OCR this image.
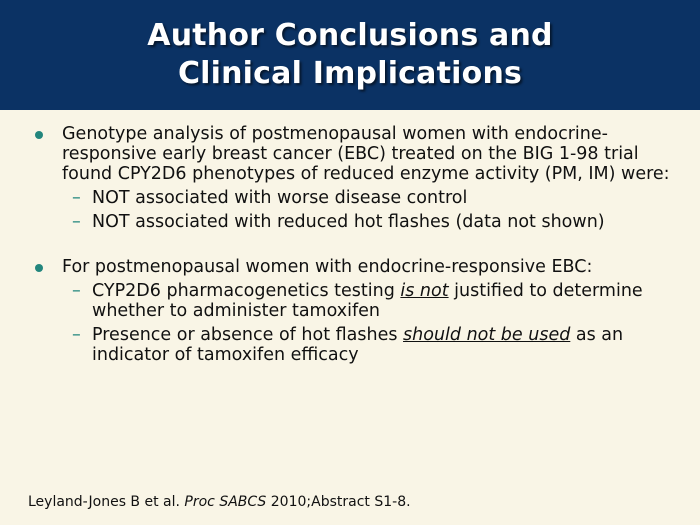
Author Conclusions and
Clinical Implications
Genotype analysis of postmenopausal women with endocrine-responsive early breast cancer (EBC) treated on the BIG 1-98 trial found CPY2D6 phenotypes of reduced enzyme activity (PM, IM) were:
– NOT associated with worse disease control
– NOT associated with reduced hot flashes (data not shown)
For postmenopausal women with endocrine-responsive EBC:
– CYP2D6 pharmacogenetics testing is not justified to determine whether to administer tamoxifen
– Presence or absence of hot flashes should not be used as an indicator of tamoxifen efficacy
Leyland-Jones B et al. Proc SABCS 2010;Abstract S1-8.
